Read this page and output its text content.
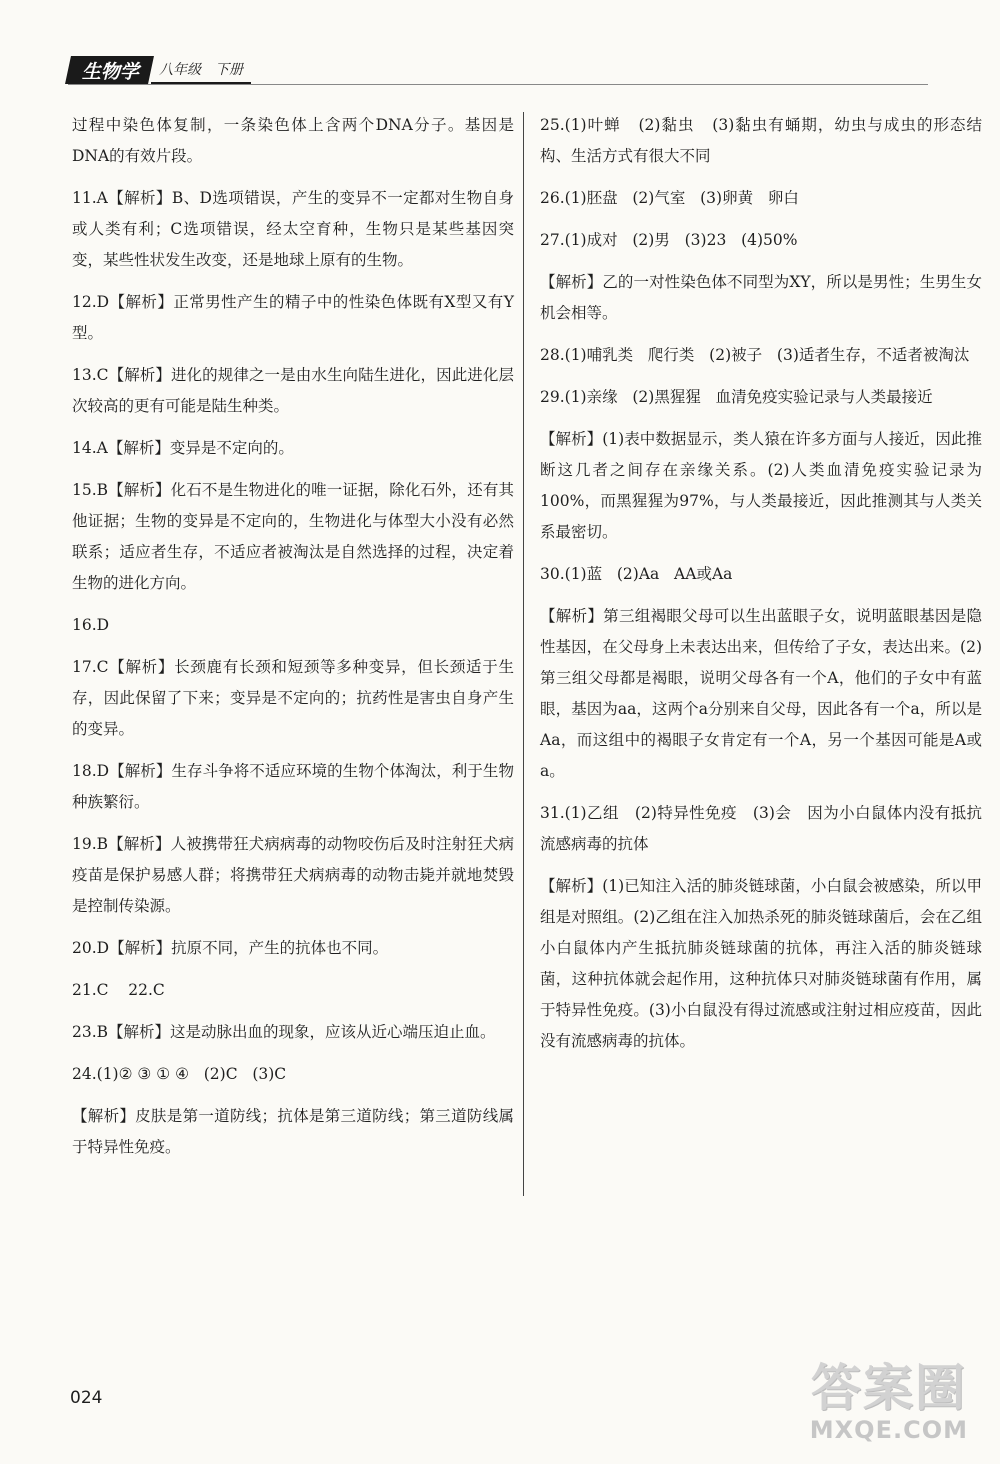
生物学 八年级 下册

过程中染色体复制，一条染色体上含两个DNA分子。基因是DNA的有效片段。

11.A【解析】B、D选项错误，产生的变异不一定都对生物自身或人类有利；C选项错误，经太空育种，生物只是某些基因突变，某些性状发生改变，还是地球上原有的生物。

12.D【解析】正常男性产生的精子中的性染色体既有X型又有Y型。

13.C【解析】进化的规律之一是由水生向陆生进化，因此进化层次较高的更有可能是陆生种类。

14.A【解析】变异是不定向的。

15.B【解析】化石不是生物进化的唯一证据，除化石外，还有其他证据；生物的变异是不定向的，生物进化与体型大小没有必然联系；适应者生存，不适应者被淘汰是自然选择的过程，决定着生物的进化方向。

16.D

17.C【解析】长颈鹿有长颈和短颈等多种变异，但长颈适于生存，因此保留了下来；变异是不定向的；抗药性是害虫自身产生的变异。

18.D【解析】生存斗争将不适应环境的生物个体淘汰，利于生物种族繁衍。

19.B【解析】人被携带狂犬病病毒的动物咬伤后及时注射狂犬病疫苗是保护易感人群；将携带狂犬病病毒的动物击毙并就地焚毁是控制传染源。

20.D【解析】抗原不同，产生的抗体也不同。

21.C    22.C

23.B【解析】这是动脉出血的现象，应该从近心端压迫止血。

24.(1)② ③ ① ④   (2)C   (3)C

【解析】皮肤是第一道防线；抗体是第三道防线；第三道防线属于特异性免疫。

25.(1)叶蝉   (2)黏虫   (3)黏虫有蛹期，幼虫与成虫的形态结构、生活方式有很大不同

26.(1)胚盘   (2)气室   (3)卵黄   卵白

27.(1)成对   (2)男   (3)23   (4)50%

【解析】乙的一对性染色体不同型为XY，所以是男性；生男生女机会相等。

28.(1)哺乳类   爬行类   (2)被子   (3)适者生存，不适者被淘汰

29.(1)亲缘   (2)黑猩猩   血清免疫实验记录与人类最接近

【解析】(1)表中数据显示，类人猿在许多方面与人接近，因此推断这几者之间存在亲缘关系。(2)人类血清免疫实验记录为100%，而黑猩猩为97%，与人类最接近，因此推测其与人类关系最密切。

30.(1)蓝   (2)Aa   AA或Aa

【解析】第三组褐眼父母可以生出蓝眼子女，说明蓝眼基因是隐性基因，在父母身上未表达出来，但传给了子女，表达出来。(2)第三组父母都是褐眼，说明父母各有一个A，他们的子女中有蓝眼，基因为aa，这两个a分别来自父母，因此各有一个a，所以是Aa，而这组中的褐眼子女肯定有一个A，另一个基因可能是A或a。

31.(1)乙组   (2)特异性免疫   (3)会   因为小白鼠体内没有抵抗流感病毒的抗体

【解析】(1)已知注入活的肺炎链球菌，小白鼠会被感染，所以甲组是对照组。(2)乙组在注入加热杀死的肺炎链球菌后，会在乙组小白鼠体内产生抵抗肺炎链球菌的抗体，再注入活的肺炎链球菌，这种抗体就会起作用，这种抗体只对肺炎链球菌有作用，属于特异性免疫。(3)小白鼠没有得过流感或注射过相应疫苗，因此没有流感病毒的抗体。

024	答案圈
MXQE.COM
